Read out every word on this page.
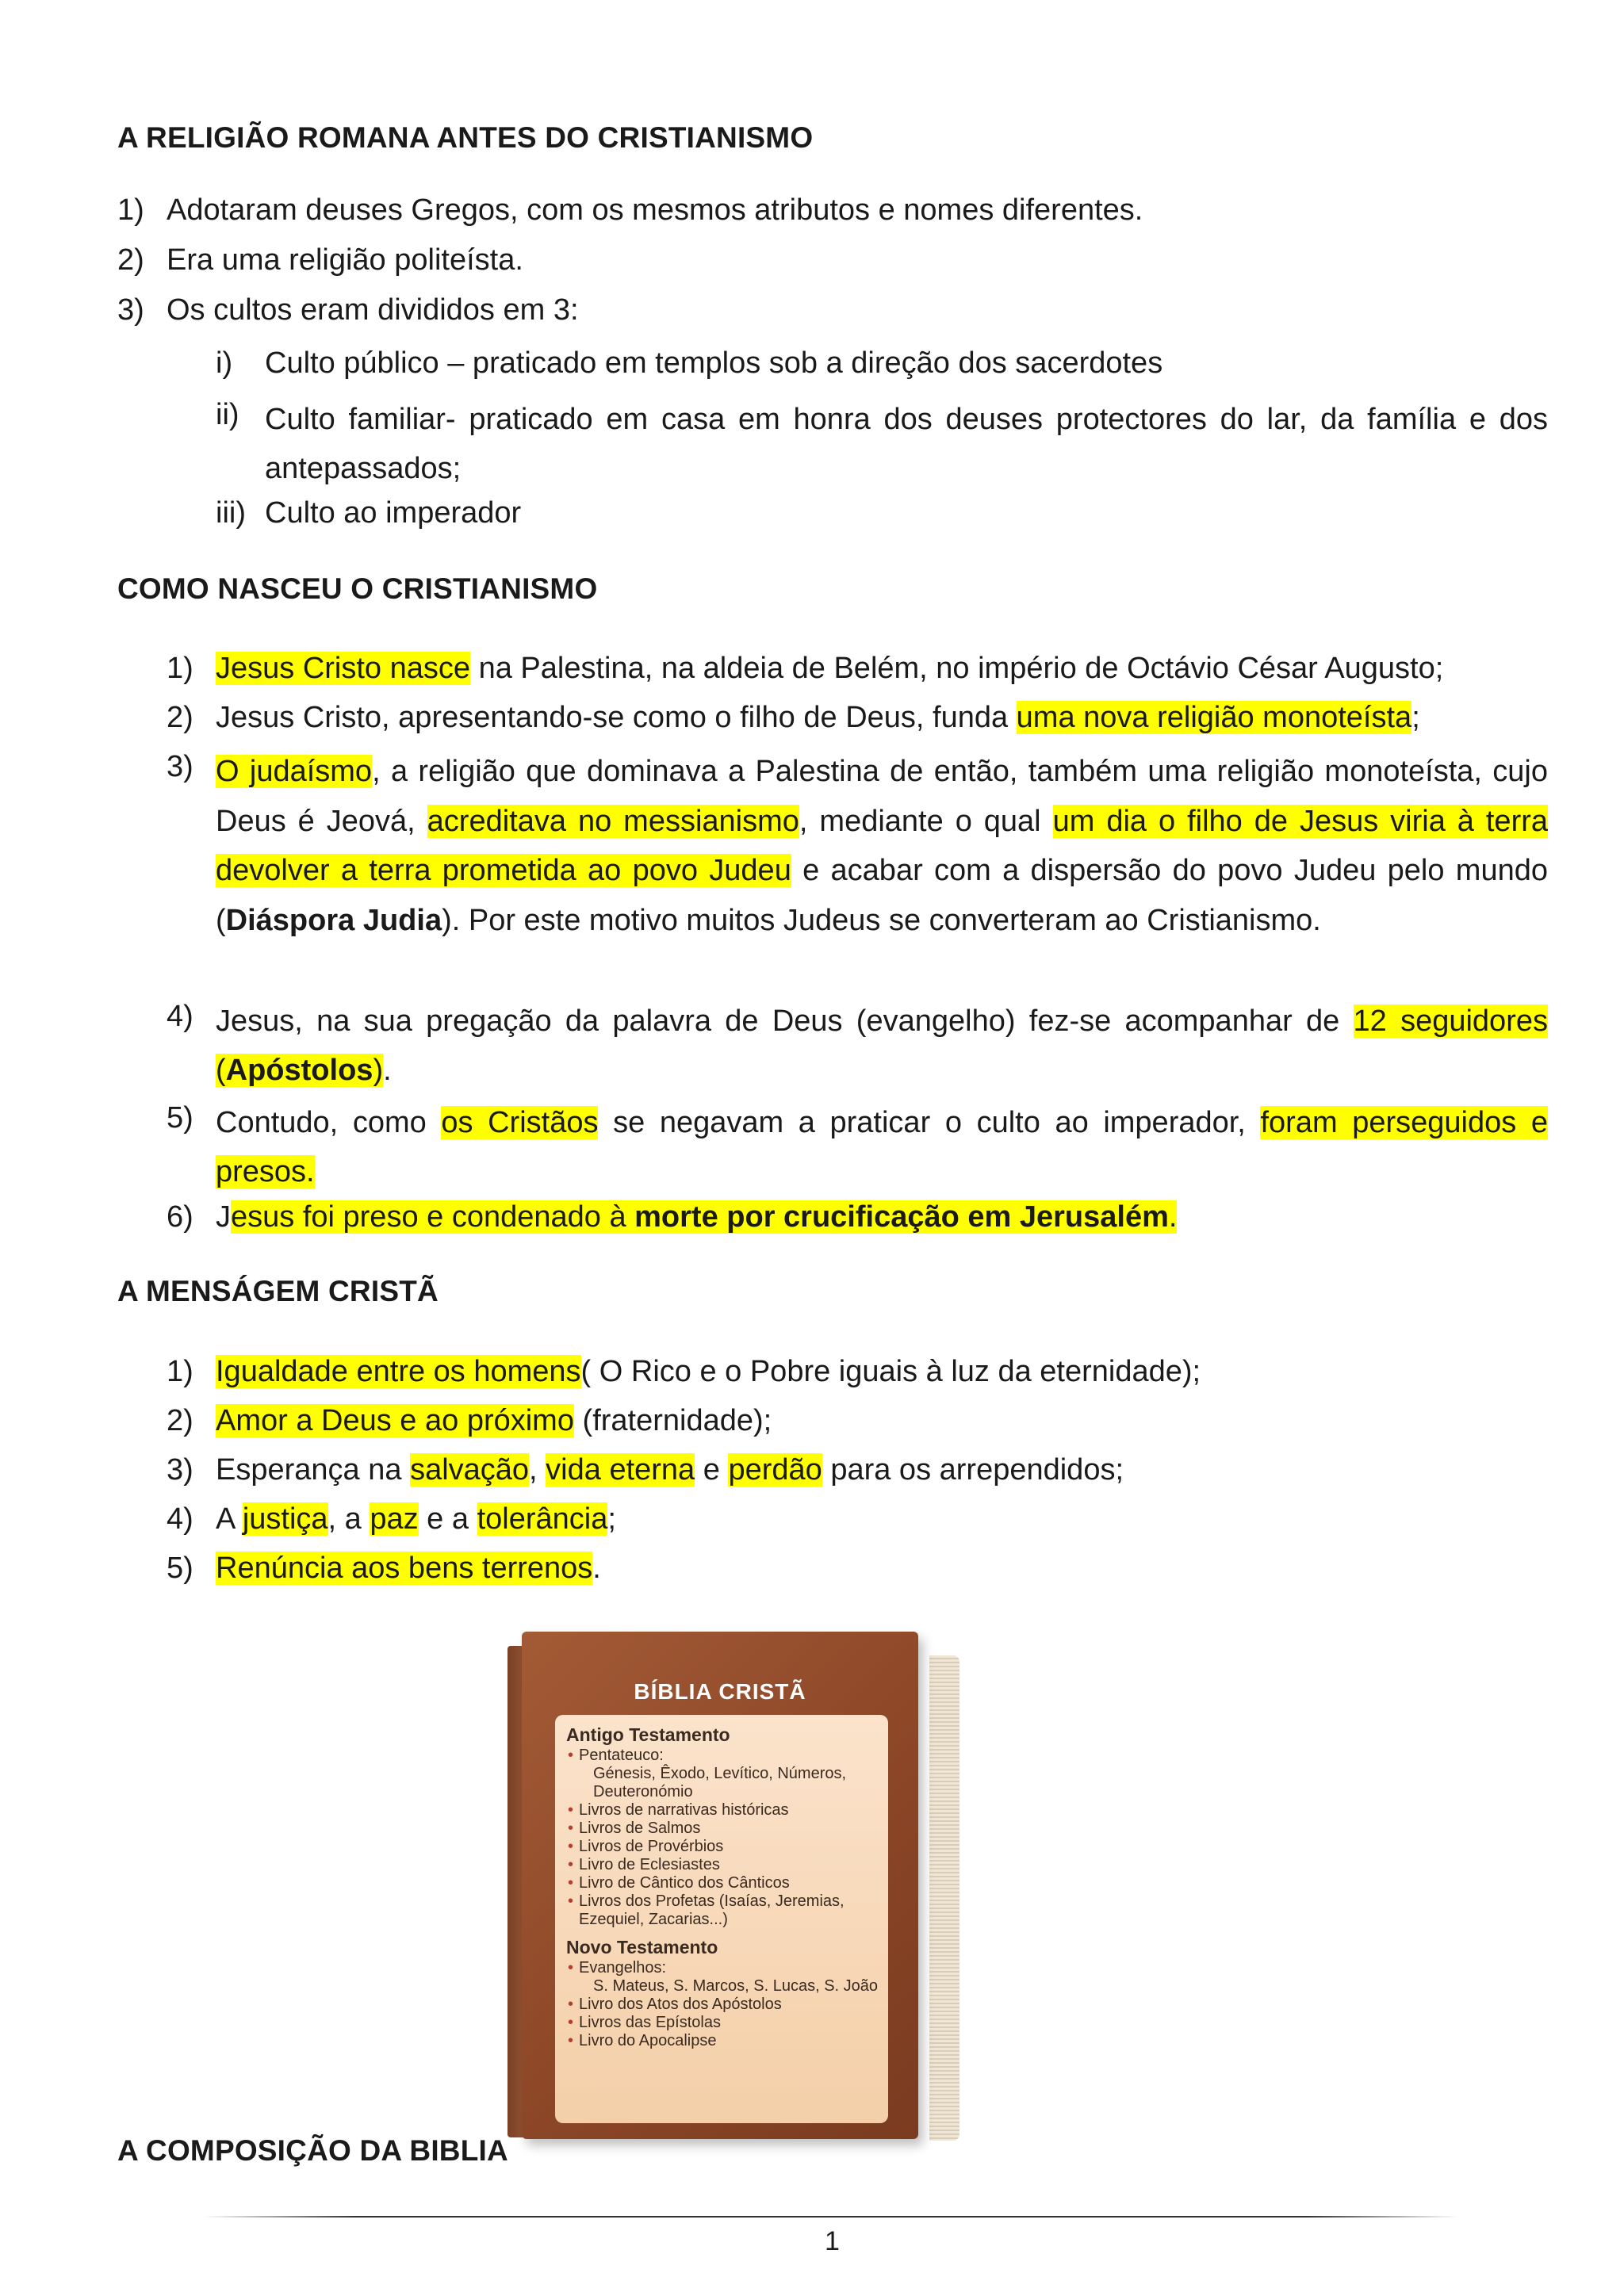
A RELIGIÃO ROMANA ANTES DO CRISTIANISMO
1) Adotaram deuses Gregos, com os mesmos atributos e nomes diferentes.
2) Era uma religião politeísta.
3) Os cultos eram divididos em 3:
i) Culto público – praticado em templos sob a direção dos sacerdotes
ii) Culto familiar- praticado em casa em honra dos deuses protectores do lar, da família e dos antepassados;
iii) Culto ao imperador
COMO NASCEU O CRISTIANISMO
1) Jesus Cristo nasce na Palestina, na aldeia de Belém, no império de Octávio César Augusto;
2) Jesus Cristo, apresentando-se como o filho de Deus, funda uma nova religião monoteísta;
3) O judaísmo, a religião que dominava a Palestina de então, também uma religião monoteísta, cujo Deus é Jeová, acreditava no messianismo, mediante o qual um dia o filho de Jesus viria à terra devolver a terra prometida ao povo Judeu e acabar com a dispersão do povo Judeu pelo mundo (Diáspora Judia). Por este motivo muitos Judeus se converteram ao Cristianismo.
4) Jesus, na sua pregação da palavra de Deus (evangelho) fez-se acompanhar de 12 seguidores (Apóstolos).
5) Contudo, como os Cristãos se negavam a praticar o culto ao imperador, foram perseguidos e presos.
6) Jesus foi preso e condenado à morte por crucificação em Jerusalém.
A MENSÁGEM CRISTÃ
1) Igualdade entre os homens( O Rico e o Pobre iguais à luz da eternidade);
2) Amor a Deus e ao próximo (fraternidade);
3) Esperança na salvação, vida eterna e perdão para os arrependidos;
4) A justiça, a paz e a tolerância;
5) Renúncia aos bens terrenos.
BÍBLIA CRISTÃ
Antigo Testamento
• Pentateuco:
Génesis, Êxodo, Levítico, Números, Deuteronómio
• Livros de narrativas históricas
• Livros de Salmos
• Livros de Provérbios
• Livro de Eclesiastes
• Livro de Cântico dos Cânticos
• Livros dos Profetas (Isaías, Jeremias, Ezequiel, Zacarias...)
Novo Testamento
• Evangelhos:
S. Mateus, S. Marcos, S. Lucas, S. João
• Livro dos Atos dos Apóstolos
• Livros das Epístolas
• Livro do Apocalipse
A COMPOSIÇÃO DA BIBLIA
1
